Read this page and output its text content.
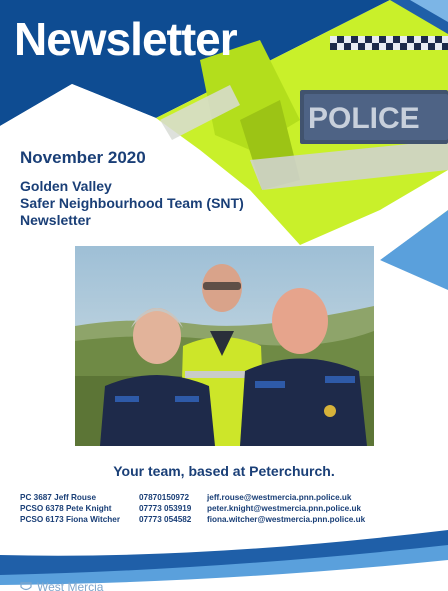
Newsletter
POLICE
November 2020
Golden Valley
Safer Neighbourhood Team (SNT)
Newsletter
Your team, based at Peterchurch.
PC 3687 Jeff Rouse	07870150972	jeff.rouse@westmercia.pnn.police.uk
PCSO 6378 Pete Knight	07773 053919	peter.knight@westmercia.pnn.police.uk
PCSO 6173 Fiona Witcher	07773 054582	fiona.witcher@westmercia.pnn.police.uk
West Mercia
